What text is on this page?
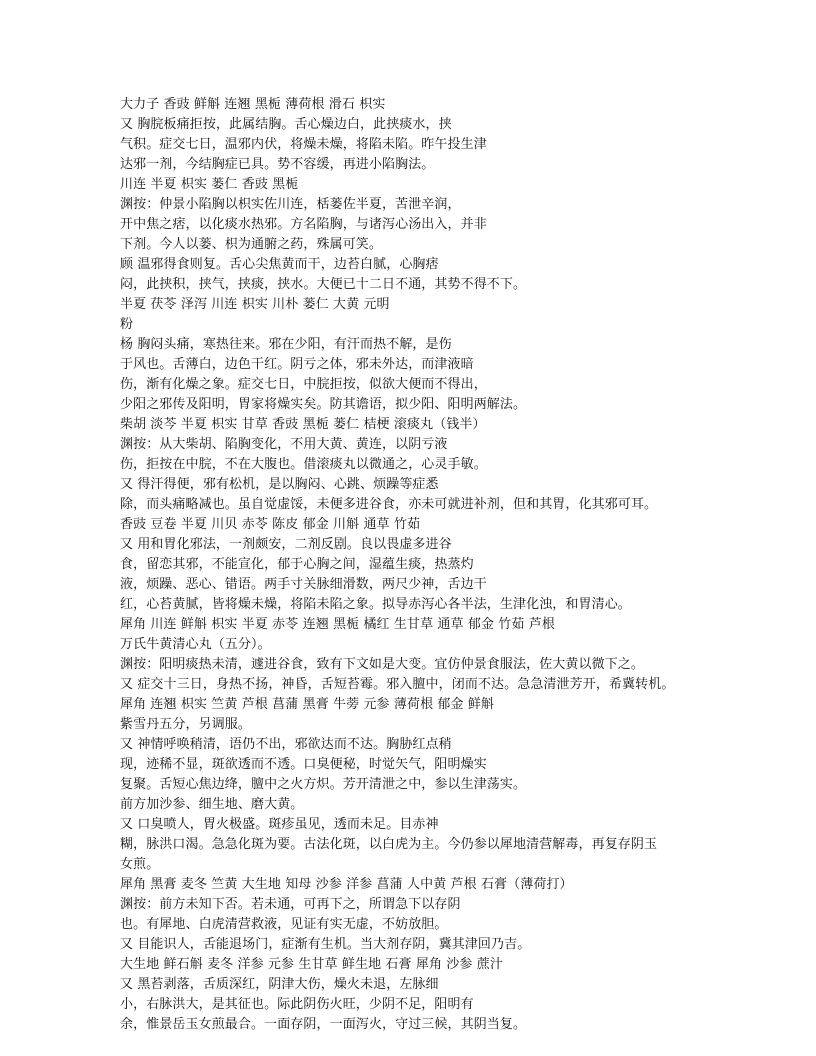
大力子 香豉 鲜斛 连翘 黑栀 薄荷根 滑石 枳实
又 胸脘板痛拒按，此属结胸。舌心燥边白，此挟痰水，挟
气积。症交七日，温邪内伏，将燥未燥，将陷未陷。昨午投生津
达邪一剂，今结胸症已具。势不容缓，再进小陷胸法。
川连 半夏 枳实 蒌仁 香豉 黑栀
渊按：仲景小陷胸以枳实佐川连，栝蒌佐半夏，苦泄辛润，
开中焦之痞，以化痰水热邪。方名陷胸，与诸泻心汤出入，并非
下剂。今人以蒌、枳为通腑之药，殊属可笑。
顾 温邪得食则复。舌心尖焦黄而干，边苔白腻，心胸痞
闷，此挟积，挟气，挟痰，挟水。大便已十二日不通，其势不得不下。
半夏 茯苓 泽泻 川连 枳实 川朴 蒌仁 大黄 元明
粉
杨 胸闷头痛，寒热往来。邪在少阳，有汗而热不解，是伤
于风也。舌薄白，边色干红。阴亏之体，邪未外达，而津液暗
伤，渐有化燥之象。症交七日，中脘拒按，似欲大便而不得出，
少阳之邪传及阳明，胃家将燥实矣。防其谵语，拟少阳、阳明两解法。
柴胡 淡芩 半夏 枳实 甘草 香豉 黑栀 蒌仁 桔梗 滚痰丸（钱半）
渊按：从大柴胡、陷胸变化，不用大黄、黄连，以阴亏液
伤，拒按在中脘，不在大腹也。借滚痰丸以微通之，心灵手敏。
又 得汗得便，邪有松机，是以胸闷、心跳、烦躁等症悉
除，而头痛略减也。虽自觉虚馁，未便多进谷食，亦未可就进补剂，但和其胃，化其邪可耳。
香豉 豆卷 半夏 川贝 赤苓 陈皮 郁金 川斛 通草 竹茹
又 用和胃化邪法，一剂颇安，二剂反剧。良以畏虚多进谷
食，留恋其邪，不能宣化，郁于心胸之间，湿蕴生痰，热蒸灼
液，烦躁、恶心、错语。两手寸关脉细滑数，两尺少神，舌边干
红，心苔黄腻，皆将燥未燥，将陷未陷之象。拟导赤泻心各半法，生津化浊，和胃清心。
犀角 川连 鲜斛 枳实 半夏 赤苓 连翘 黑栀 橘红 生甘草 通草 郁金 竹茹 芦根
万氏牛黄清心丸（五分）。
渊按：阳明痰热未清，遽进谷食，致有下文如是大变。宜仿仲景食服法，佐大黄以微下之。
又 症交十三日，身热不扬，神昏，舌短苔霉。邪入膻中，闭而不达。急急清泄芳开，希冀转机。
犀角 连翘 枳实 竺黄 芦根 菖蒲 黑膏 牛蒡 元参 薄荷根 郁金 鲜斛
紫雪丹五分，另调服。
又 神情呼唤稍清，语仍不出，邪欲达而不达。胸胁红点稍
现，迹稀不显，斑欲透而不透。口臭便秘，时觉矢气，阳明燥实
复聚。舌短心焦边绛，膻中之火方炽。芳开清泄之中，参以生津荡实。
前方加沙参、细生地、磨大黄。
又 口臭喷人，胃火极盛。斑疹虽见，透而未足。目赤神
糊，脉洪口渴。急急化斑为要。古法化斑，以白虎为主。今仍参以犀地清营解毒，再复存阴玉
女煎。
犀角 黑膏 麦冬 竺黄 大生地 知母 沙参 洋参 菖蒲 人中黄 芦根 石膏（薄荷打）
渊按：前方未知下否。若未通，可再下之，所谓急下以存阴
也。有犀地、白虎清营救液，见证有实无虚，不妨放胆。
又 目能识人，舌能退场门，症渐有生机。当大剂存阴，冀其津回乃吉。
大生地 鲜石斛 麦冬 洋参 元参 生甘草 鲜生地 石膏 犀角 沙参 蔗汁
又 黑苔剥落，舌质深红，阴津大伤，燥火未退，左脉细
小，右脉洪大，是其征也。际此阴伤火旺，少阴不足，阳明有
余，惟景岳玉女煎最合。一面存阴，一面泻火，守过三候，其阴当复。
